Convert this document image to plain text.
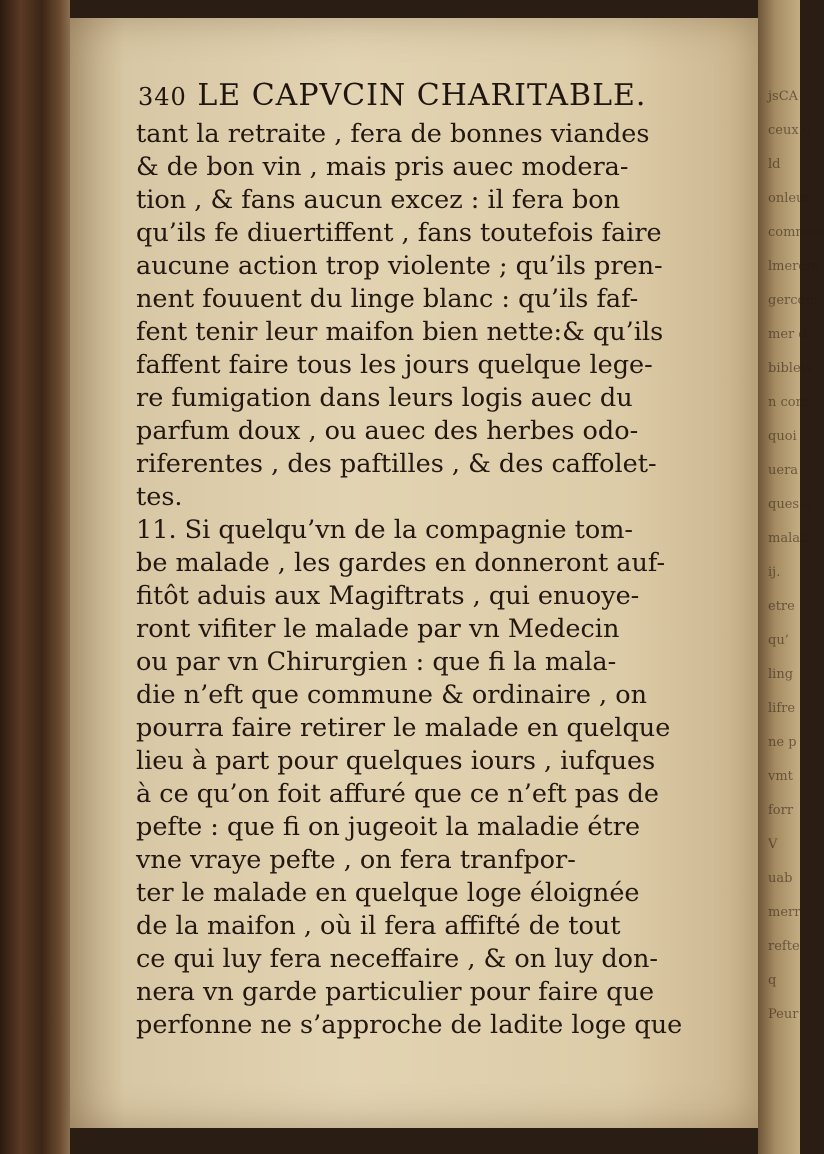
jsCA
ceux q
ld
onleur
commen
lmerom
gercom
mer d
biblets
n com
quoi
uera
ques a
malad
ij.
etre
qu’
ling
lifre
ne p
vmt
forr
V
uab
merr
refte
q
Peur
340 LE CAPVCIN CHARITABLE.
tant la retraite , fera de bonnes viandes
& de bon vin , mais pris auec modera-
tion , & fans aucun excez : il fera bon
qu’ils fe diuertiffent , fans toutefois faire
aucune action trop violente ; qu’ils pren-
nent fouuent du linge blanc : qu’ils faf-
fent tenir leur maifon bien nette:& qu’ils
faffent faire tous les jours quelque lege-
re fumigation dans leurs logis auec du
parfum doux , ou auec des herbes odo-
riferentes , des paftilles , & des caffolet-
tes.
11. Si quelqu’vn de la compagnie tom-
be malade , les gardes en donneront auf-
fitôt aduis aux Magiftrats , qui enuoye-
ront vifiter le malade par vn Medecin
ou par vn Chirurgien : que fi la mala-
die n’eft que commune & ordinaire , on
pourra faire retirer le malade en quelque
lieu à part pour quelques iours , iufques
à ce qu’on foit affuré que ce n’eft pas de
pefte : que fi on jugeoit la maladie étre
vne vraye pefte , on fera tranfpor-
ter le malade en quelque loge éloignée
de la maifon , où il fera affifté de tout
ce qui luy fera neceffaire , & on luy don-
nera vn garde particulier pour faire que
perfonne ne s’approche de ladite loge que
